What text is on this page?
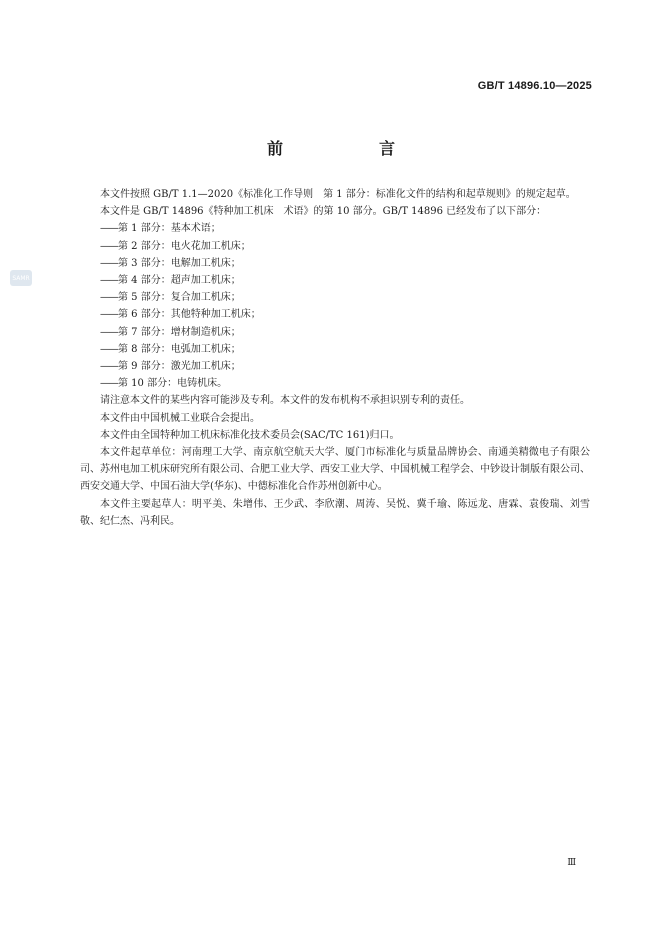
GB/T 14896.10—2025
前　言
SAMR

本文件按照 GB/T 1.1—2020《标准化工作导则　第 1 部分：标准化文件的结构和起草规则》的规定起草。

本文件是 GB/T 14896《特种加工机床　术语》的第 10 部分。GB/T 14896 已经发布了以下部分：

——第 1 部分：基本术语；
——第 2 部分：电火花加工机床；
——第 3 部分：电解加工机床；
——第 4 部分：超声加工机床；
——第 5 部分：复合加工机床；
——第 6 部分：其他特种加工机床；
——第 7 部分：增材制造机床；
——第 8 部分：电弧加工机床；
——第 9 部分：激光加工机床；
——第 10 部分：电铸机床。

请注意本文件的某些内容可能涉及专利。本文件的发布机构不承担识别专利的责任。

本文件由中国机械工业联合会提出。

本文件由全国特种加工机床标准化技术委员会(SAC/TC 161)归口。

本文件起草单位：河南理工大学、南京航空航天大学、厦门市标准化与质量品牌协会、南通美精微电子有限公司、苏州电加工机床研究所有限公司、合肥工业大学、西安工业大学、中国机械工程学会、中钞设计制版有限公司、西安交通大学、中国石油大学(华东)、中德标准化合作苏州创新中心。

本文件主要起草人：明平美、朱增伟、王少武、李欣潮、周涛、吴悦、冀千瑜、陈远龙、唐霖、袁俊瑞、刘雪敬、纪仁杰、冯利民。

Ⅲ
